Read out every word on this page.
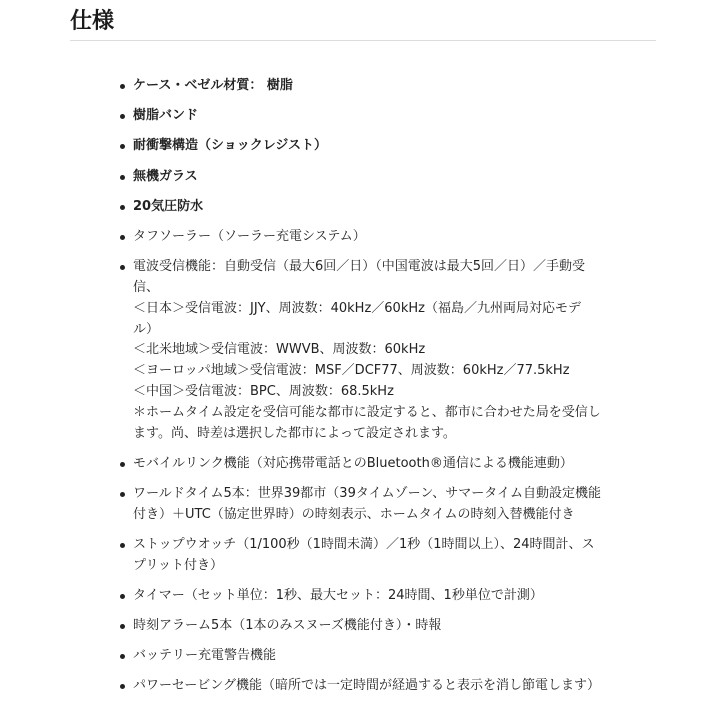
仕様
ケース・ベゼル材質： 樹脂
樹脂バンド
耐衝撃構造（ショックレジスト）
無機ガラス
20気圧防水
タフソーラー（ソーラー充電システム）
電波受信機能：自動受信（最大6回／日）（中国電波は最大5回／日）／手動受
信、
＜日本＞受信電波：JJY、周波数：40kHz／60kHz（福島／九州両局対応モデ
ル）
＜北米地域＞受信電波：WWVB、周波数：60kHz
＜ヨーロッパ地域＞受信電波：MSF／DCF77、周波数：60kHz／77.5kHz
＜中国＞受信電波：BPC、周波数：68.5kHz
＊ホームタイム設定を受信可能な都市に設定すると、都市に合わせた局を受信し
ます。尚、時差は選択した都市によって設定されます。
モバイルリンク機能（対応携帯電話とのBluetooth®通信による機能連動）
ワールドタイム5本：世界39都市（39タイムゾーン、サマータイム自動設定機能
付き）＋UTC（協定世界時）の時刻表示、ホームタイムの時刻入替機能付き
ストップウオッチ（1/100秒（1時間未満）／1秒（1時間以上）、24時間計、ス
プリット付き）
タイマー（セット単位：1秒、最大セット：24時間、1秒単位で計測）
時刻アラーム5本（1本のみスヌーズ機能付き）・時報
バッテリー充電警告機能
パワーセービング機能（暗所では一定時間が経過すると表示を消し節電します）
